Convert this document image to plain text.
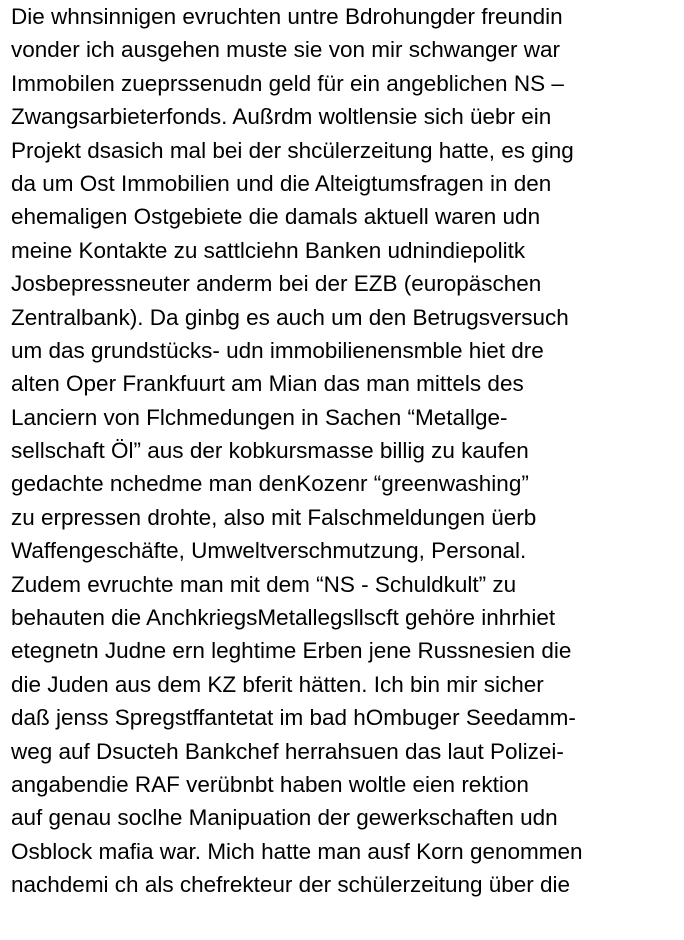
Die whnsinnigen evruchten untre Bdrohungder freundin
vonder ich ausgehen muste sie von mir schwanger war
Immobilen zueprssenudn geld für ein angeblichen NS –
Zwangsarbieterfonds. Außrdm woltlensie sich üebr ein
Projekt dsasich mal bei der shcülerzeitung hatte, es ging
da um Ost Immobilien und die Alteigtumsfragen in den
ehemaligen Ostgebiete die damals aktuell waren udn
meine Kontakte zu sattlciehn Banken udnindiepolitk
Josbepressneuter anderm bei der EZB (europäschen
Zentralbank). Da ginbg es auch um den Betrugsversuch
um das grundstücks- udn immobilienensmble hiet dre
alten Oper Frankfuurt am Mian das man mittels des
Lanciern von Flchmedungen in Sachen “Metallge-
sellschaft Öl” aus der kobkursmasse billig zu kaufen
gedachte nchedme man denKozenr “greenwashing”
zu erpressen drohte, also mit Falschmeldungen üerb
Waffengeschäfte, Umweltverschmutzung, Personal.
Zudem evruchte man mit dem “NS - Schuldkult” zu
behauten die AnchkriegsMetallegsllscft gehöre inhrhiet
etegnetn Judne ern leghtime Erben jene Russnesien die
die Juden aus dem KZ bferit hätten. Ich bin mir sicher
daß jenss Spregstffantetat im bad hOmbuger Seedamm-
weg auf Dsucteh Bankchef herrahsuen das laut Polizei-
angabendie RAF verübnbt haben woltle eien rektion
auf genau soclhe Manipuation der gewerkschaften udn
Osblock mafia war. Mich hatte man ausf Korn genommen
nachdemi ch als chefrekteur der schülerzeitung über die
